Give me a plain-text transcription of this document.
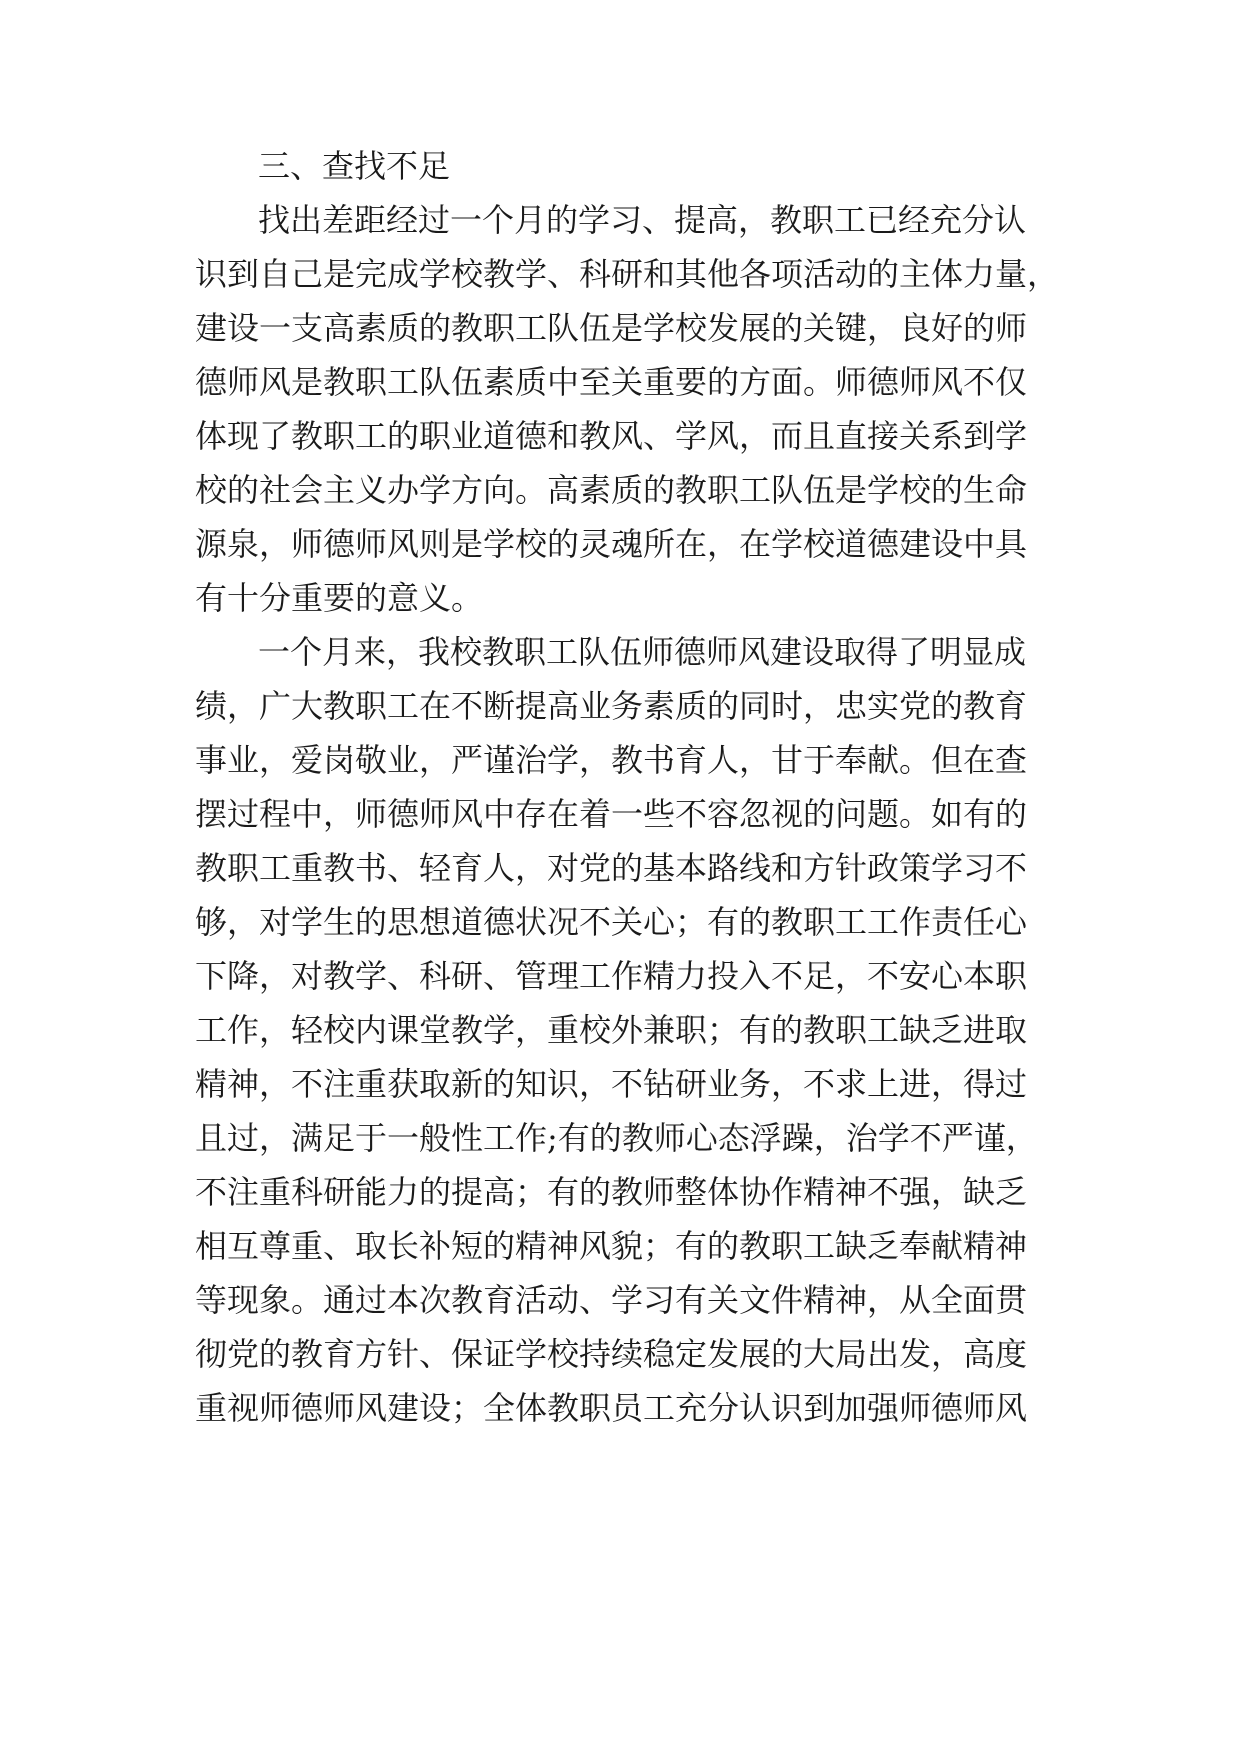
三、查找不足
找出差距经过一个月的学习、提高，教职工已经充分认
识到自己是完成学校教学、科研和其他各项活动的主体力量，
建设一支高素质的教职工队伍是学校发展的关键，良好的师
德师风是教职工队伍素质中至关重要的方面。师德师风不仅
体现了教职工的职业道德和教风、学风，而且直接关系到学
校的社会主义办学方向。高素质的教职工队伍是学校的生命
源泉，师德师风则是学校的灵魂所在，在学校道德建设中具
有十分重要的意义。
一个月来，我校教职工队伍师德师风建设取得了明显成
绩，广大教职工在不断提高业务素质的同时，忠实党的教育
事业，爱岗敬业，严谨治学，教书育人，甘于奉献。但在查
摆过程中，师德师风中存在着一些不容忽视的问题。如有的
教职工重教书、轻育人，对党的基本路线和方针政策学习不
够，对学生的思想道德状况不关心；有的教职工工作责任心
下降，对教学、科研、管理工作精力投入不足，不安心本职
工作，轻校内课堂教学，重校外兼职；有的教职工缺乏进取
精神，不注重获取新的知识，不钻研业务，不求上进，得过
且过，满足于一般性工作;有的教师心态浮躁，治学不严谨，
不注重科研能力的提高；有的教师整体协作精神不强，缺乏
相互尊重、取长补短的精神风貌；有的教职工缺乏奉献精神
等现象。通过本次教育活动、学习有关文件精神，从全面贯
彻党的教育方针、保证学校持续稳定发展的大局出发，高度
重视师德师风建设；全体教职员工充分认识到加强师德师风
